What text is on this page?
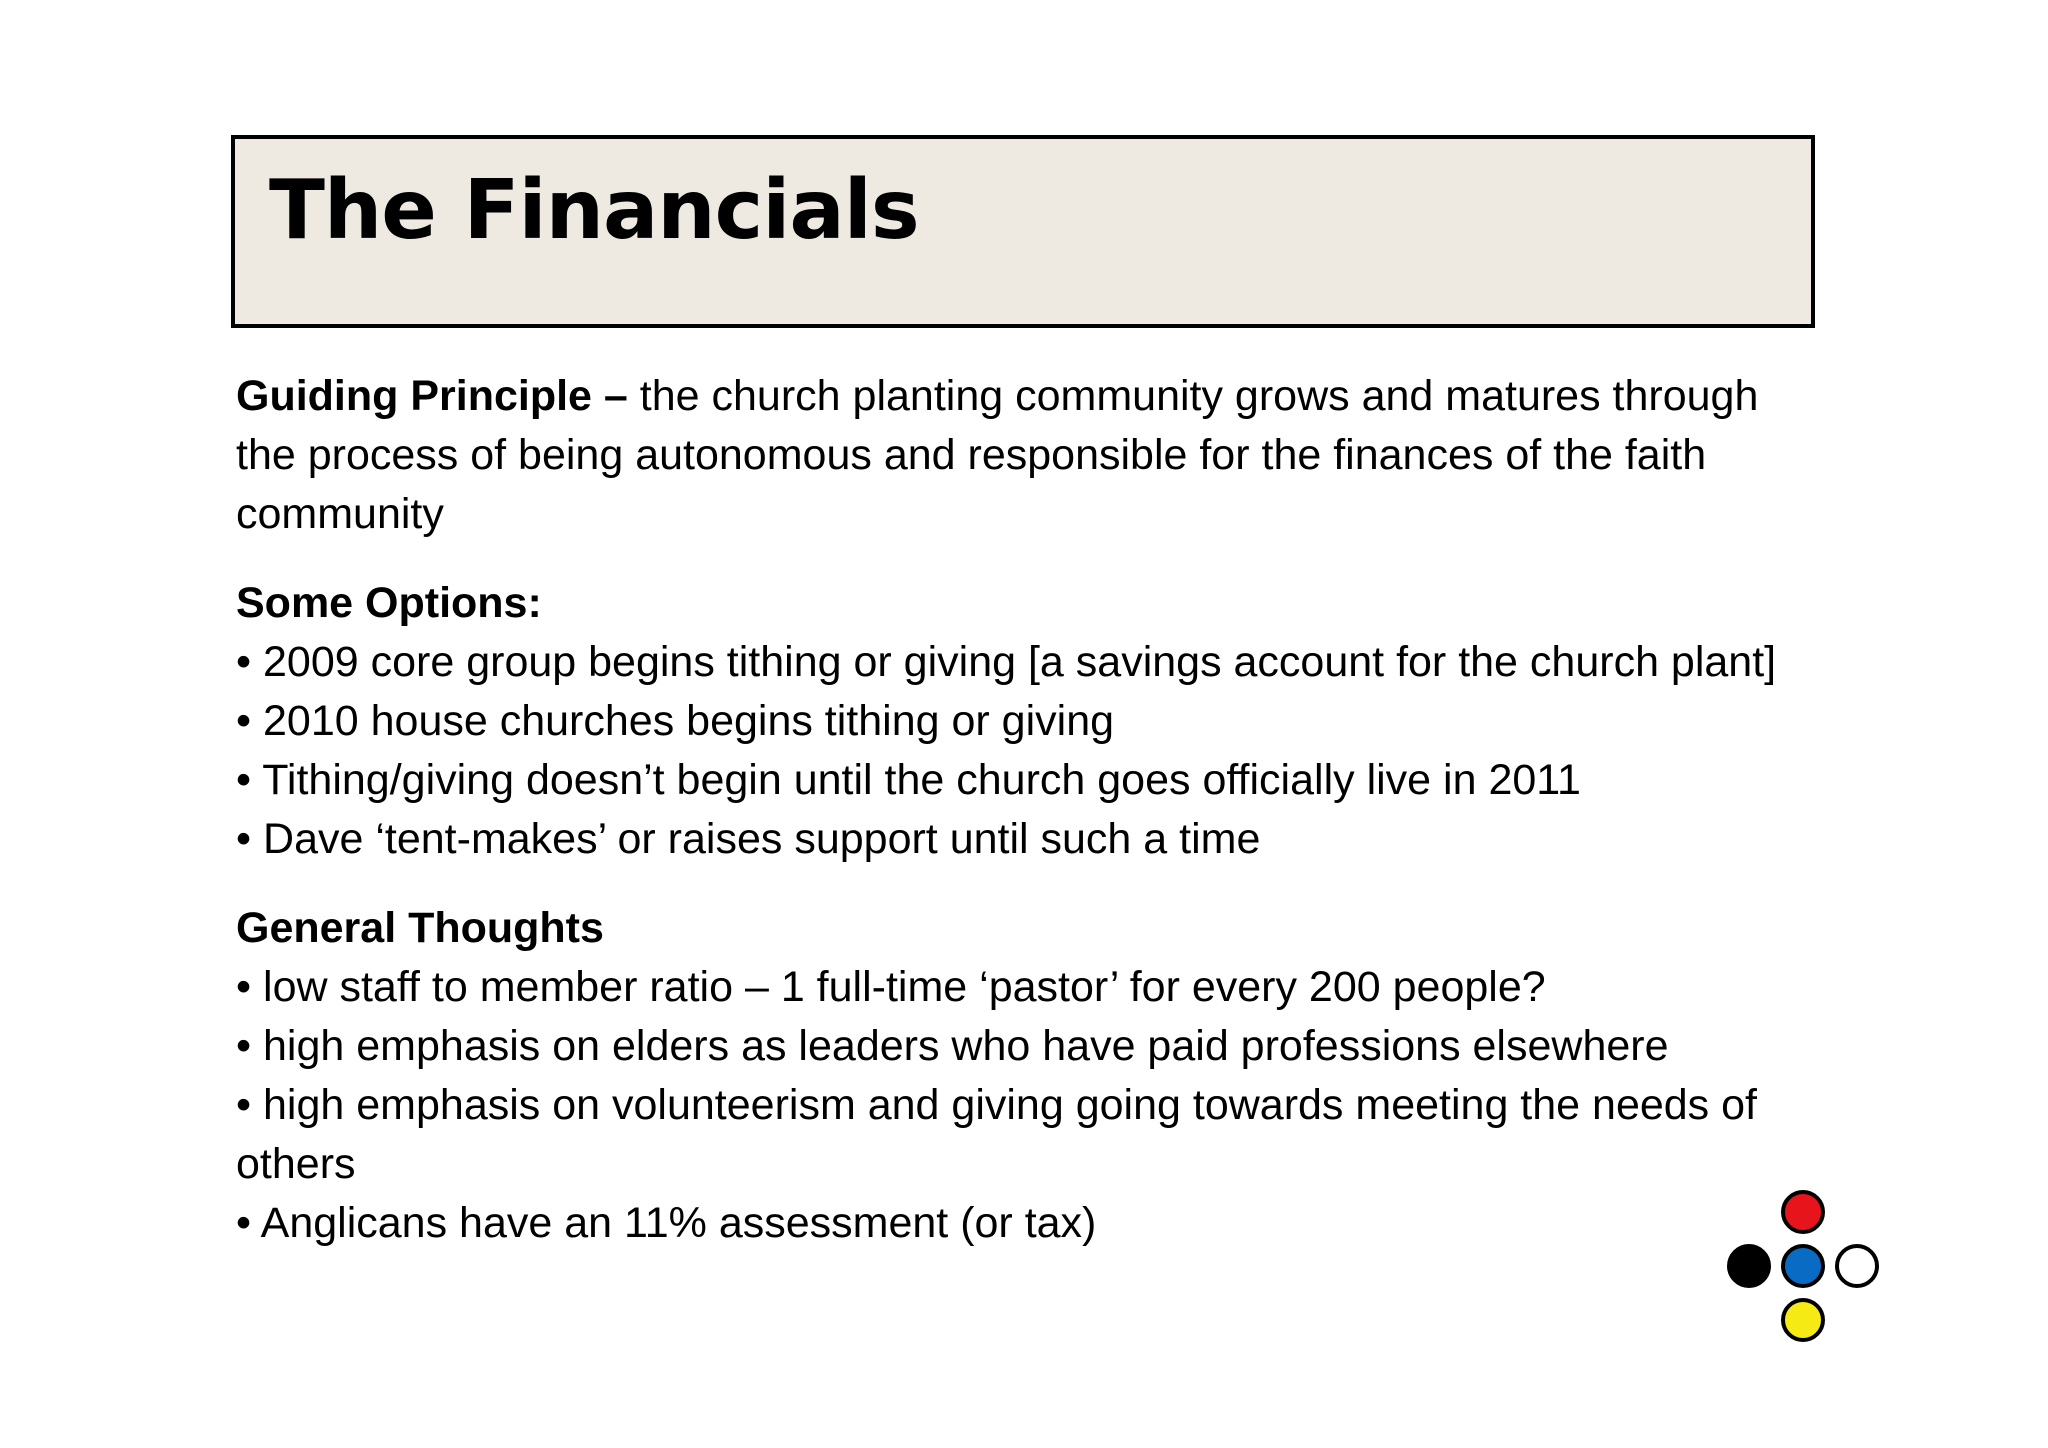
The Financials

Guiding Principle – the church planting community grows and matures through the process of being autonomous and responsible for the finances of the faith community

Some Options:

• 2009 core group begins tithing or giving [a savings account for the church plant]

• 2010 house churches begins tithing or giving

• Tithing/giving doesn’t begin until the church goes officially live in 2011

• Dave ‘tent-makes’ or raises support until such a time

General Thoughts

• low staff to member ratio – 1 full-time ‘pastor’ for every 200 people?

• high emphasis on elders as leaders who have paid professions elsewhere

• high emphasis on volunteerism and giving going towards meeting the needs of others

• Anglicans have an 11% assessment (or tax)
